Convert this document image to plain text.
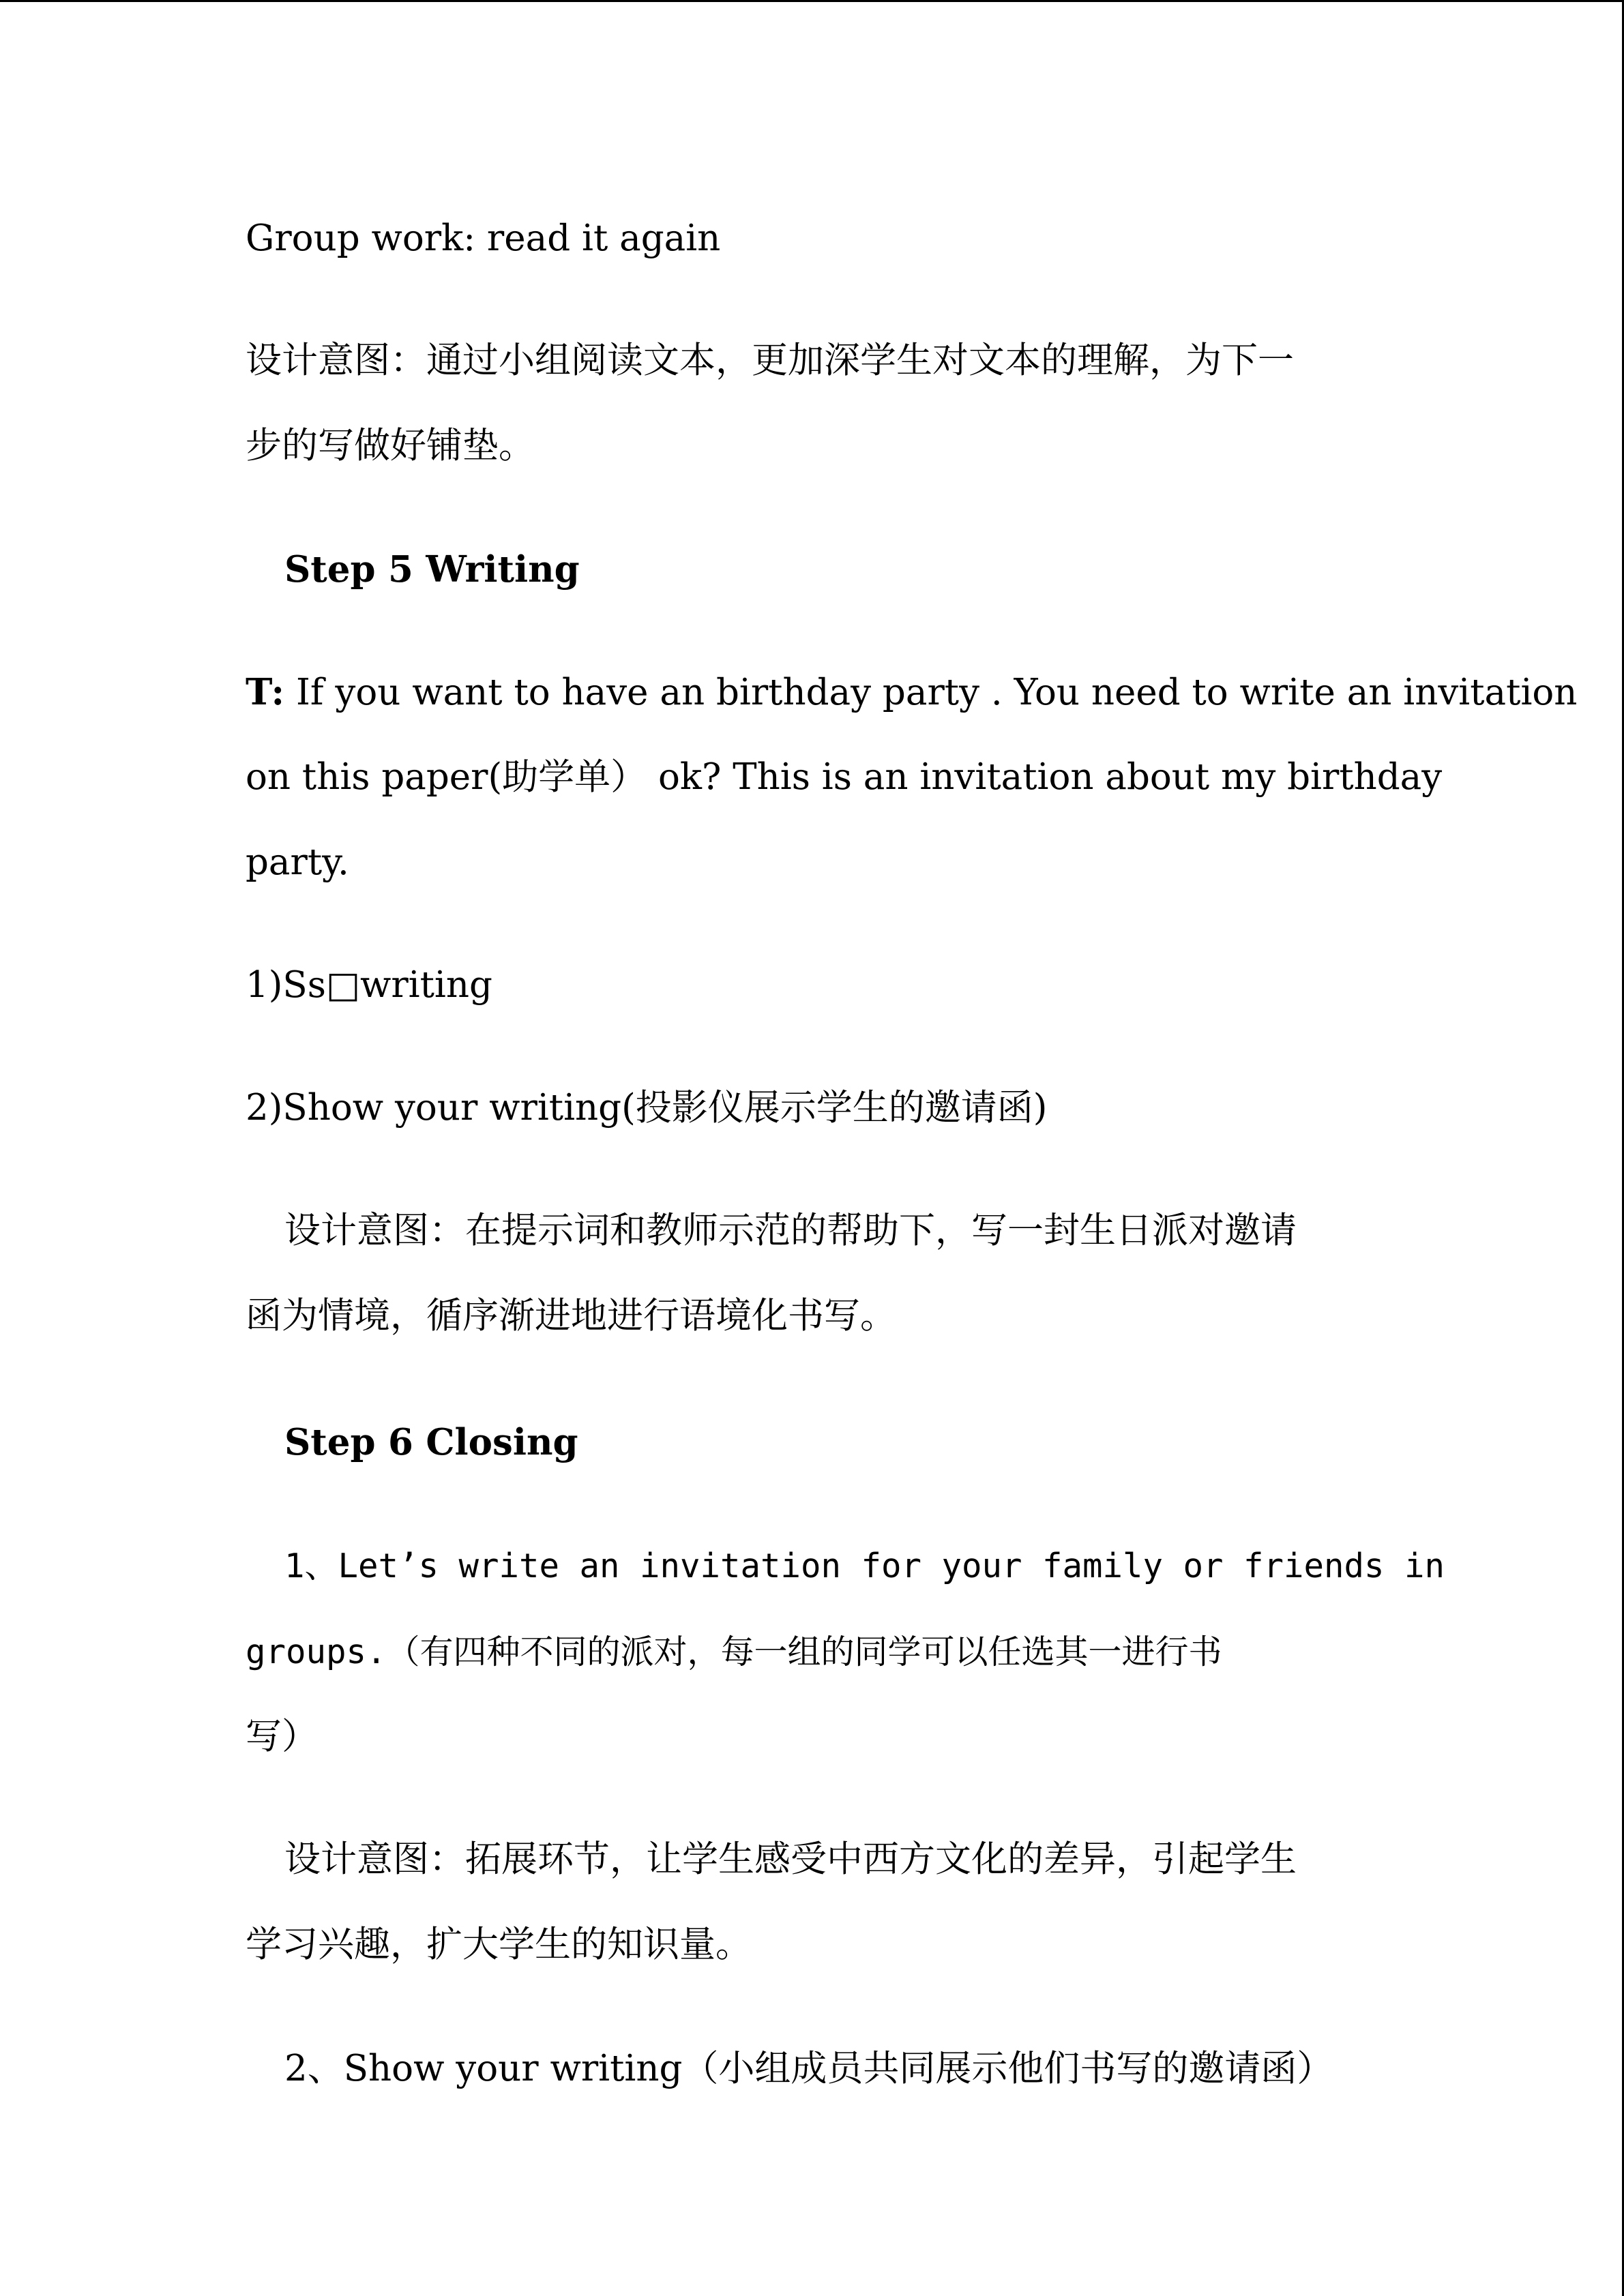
Group work: read it again
设计意图：通过小组阅读文本，更加深学生对文本的理解，为下一
步的写做好铺垫。
Step 5 Writing
T: If you want to have an birthday party . You need to write an invitation
on this paper(助学单） ok? This is an invitation about my birthday
party.
1)Ss□writing
2)Show your writing(投影仪展示学生的邀请函)
设计意图：在提示词和教师示范的帮助下，写一封生日派对邀请
函为情境，循序渐进地进行语境化书写。
Step 6 Closing
1、Let’s write an invitation for your family or friends in
groups.（有四种不同的派对，每一组的同学可以任选其一进行书
写）
设计意图：拓展环节，让学生感受中西方文化的差异，引起学生
学习兴趣，扩大学生的知识量。
2、Show your writing（小组成员共同展示他们书写的邀请函）
